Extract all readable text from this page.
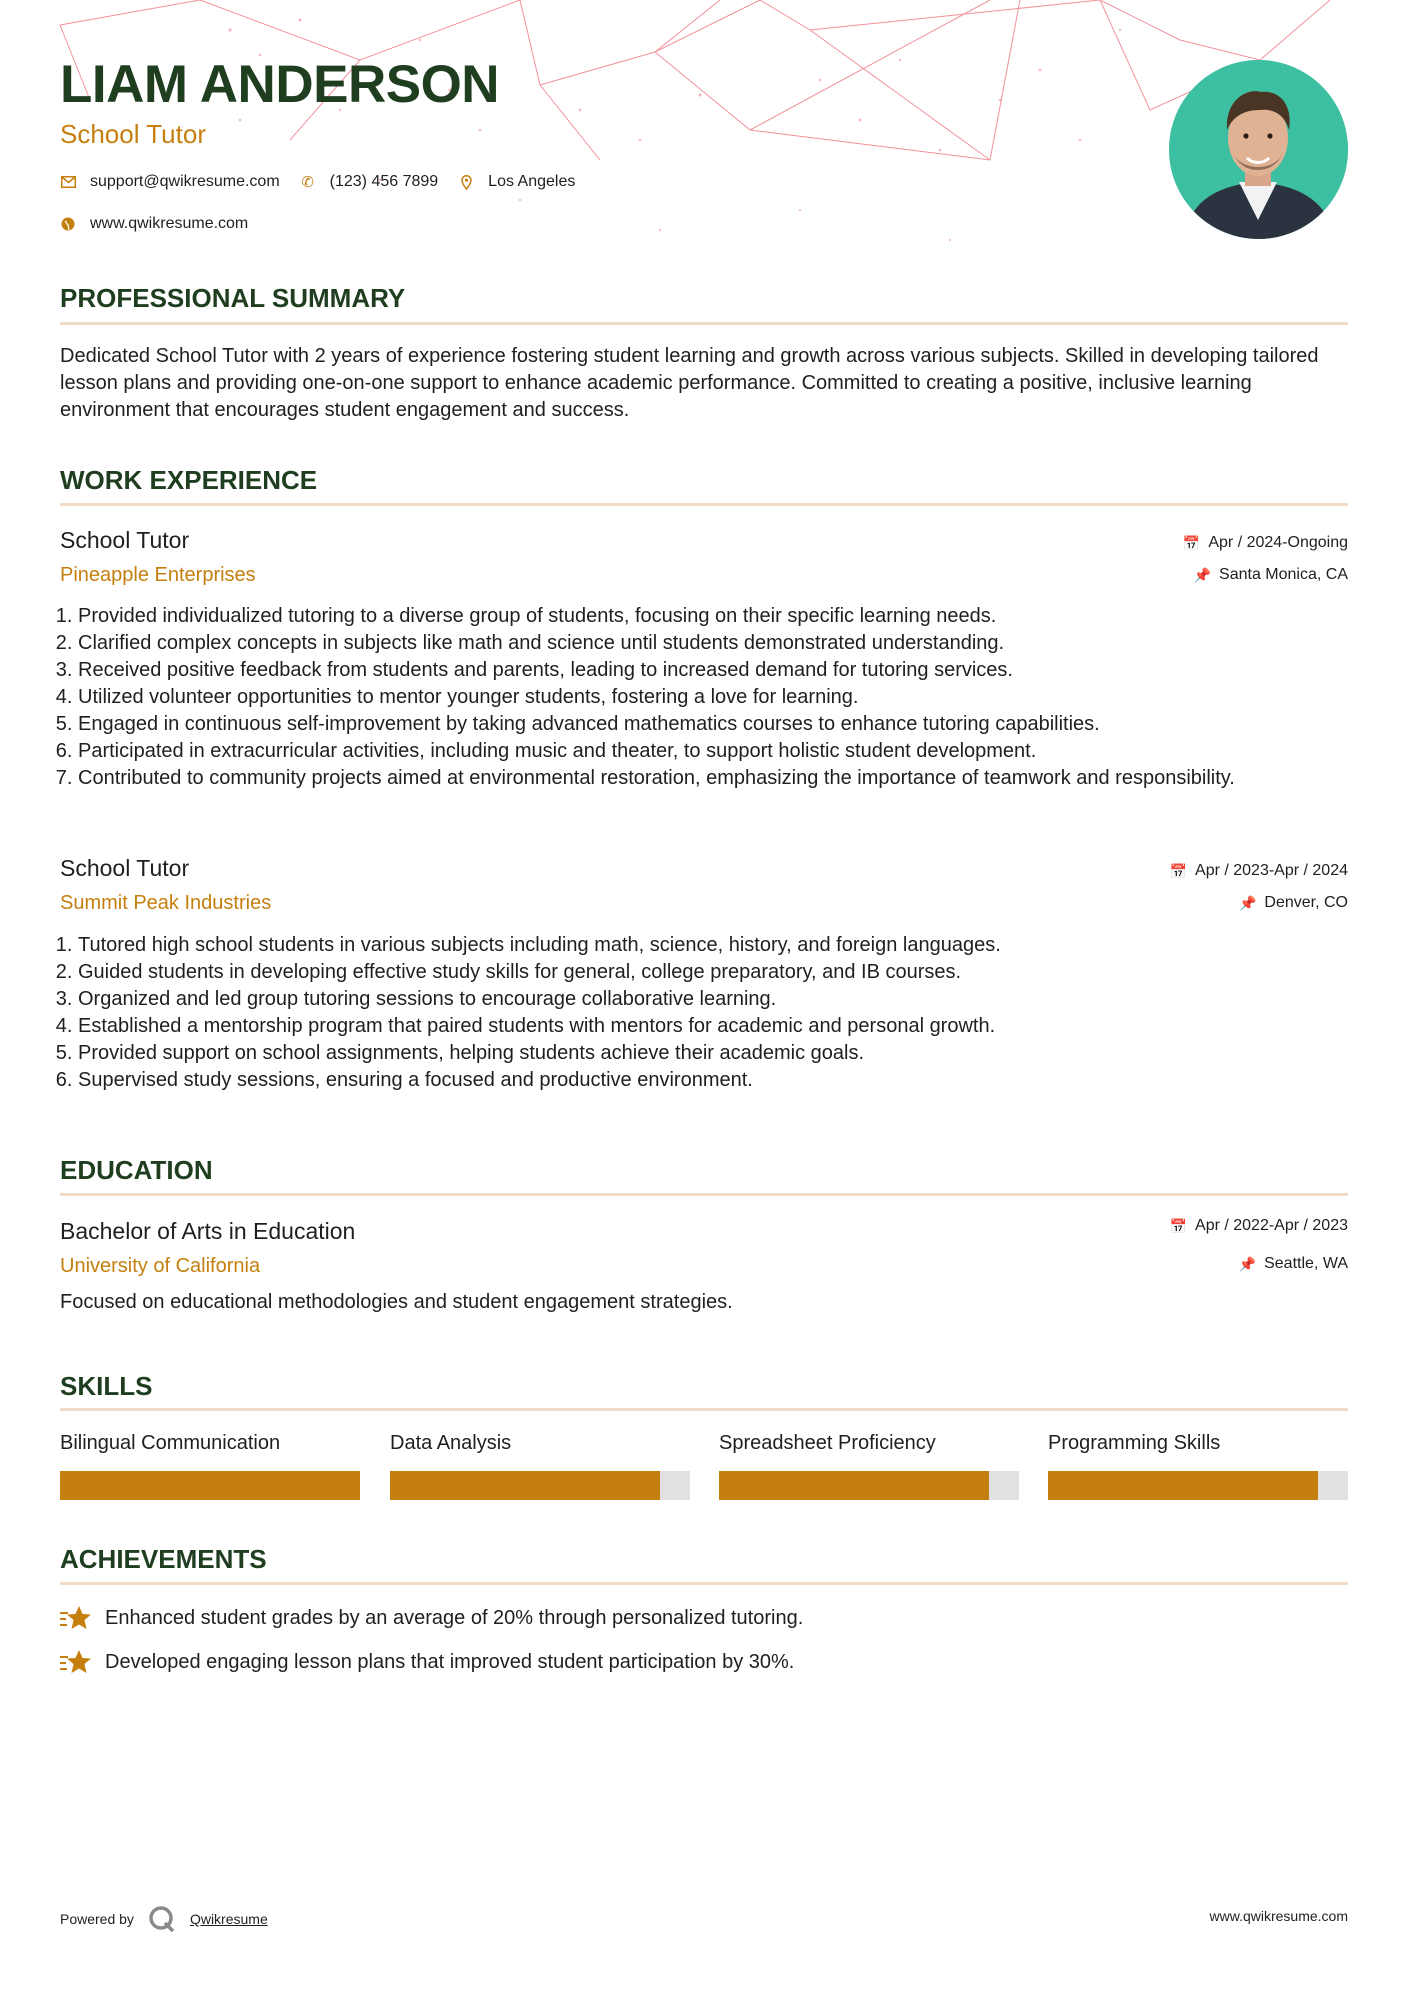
LIAM ANDERSON
School Tutor
support@qwikresume.com ✆ (123) 456 7899	Los Angeles
www.qwikresume.com
PROFESSIONAL SUMMARY

Dedicated School Tutor with 2 years of experience fostering student learning and growth across various subjects. Skilled in developing tailored lesson plans and providing one-on-one support to enhance academic performance. Committed to creating a positive, inclusive learning environment that encourages student engagement and success.

WORK EXPERIENCE
School Tutor
Pineapple Enterprises
📅 Apr / 2024-Ongoing
📌 Santa Monica, CA
1. Provided individualized tutoring to a diverse group of students, focusing on their specific learning needs.
2. Clarified complex concepts in subjects like math and science until students demonstrated understanding.
3. Received positive feedback from students and parents, leading to increased demand for tutoring services.
4. Utilized volunteer opportunities to mentor younger students, fostering a love for learning.
5. Engaged in continuous self-improvement by taking advanced mathematics courses to enhance tutoring capabilities.
6. Participated in extracurricular activities, including music and theater, to support holistic student development.
7. Contributed to community projects aimed at environmental restoration, emphasizing the importance of teamwork and responsibility.
School Tutor
Summit Peak Industries
📅 Apr / 2023-Apr / 2024
📌 Denver, CO
1. Tutored high school students in various subjects including math, science, history, and foreign languages.
2. Guided students in developing effective study skills for general, college preparatory, and IB courses.
3. Organized and led group tutoring sessions to encourage collaborative learning.
4. Established a mentorship program that paired students with mentors for academic and personal growth.
5. Provided support on school assignments, helping students achieve their academic goals.
6. Supervised study sessions, ensuring a focused and productive environment.
EDUCATION
Bachelor of Arts in Education
University of California
📅 Apr / 2022-Apr / 2023
📌 Seattle, WA

Focused on educational methodologies and student engagement strategies.

SKILLS
Bilingual Communication	Data Analysis	Spreadsheet Proficiency	Programming Skills
ACHIEVEMENTS
Enhanced student grades by an average of 20% through personalized tutoring.
Developed engaging lesson plans that improved student participation by 30%.
Powered by	Qwikresume	www.qwikresume.com
